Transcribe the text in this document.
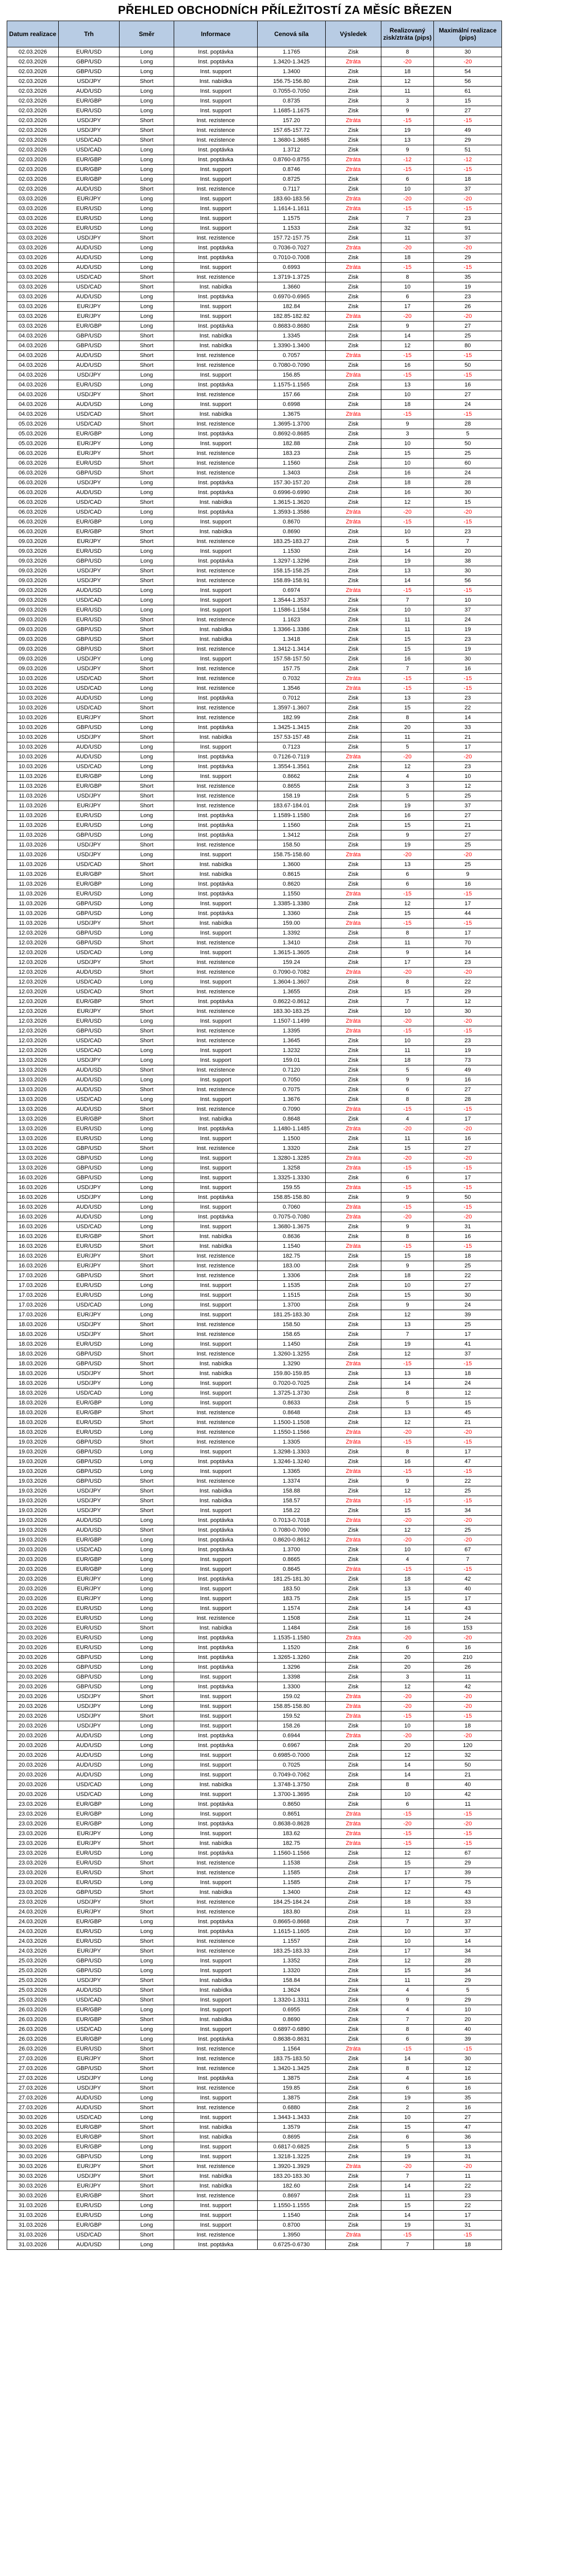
PŘEHLED OBCHODNÍCH PŘÍLEŽITOSTÍ ZA MĚSÍC BŘEZEN
Datum realizace	Trh	Směr	Informace	Cenová síla	Výsledek	Realizovaný zisk/ztráta (pips)	Maximální realizace (pips)
02.03.2026	EUR/USD	Long	Inst. poptávka	1.1765	Zisk	8	30
02.03.2026	GBP/USD	Long	Inst. poptávka	1.3420-1.3425	Ztráta	-20	-20
02.03.2026	GBP/USD	Long	Inst. support	1.3400	Zisk	18	54
02.03.2026	USD/JPY	Short	Inst. nabídka	156.75-156.80	Zisk	12	56
02.03.2026	AUD/USD	Long	Inst. support	0.7055-0.7050	Zisk	11	61
02.03.2026	EUR/GBP	Long	Inst. support	0.8735	Zisk	3	15
02.03.2026	EUR/USD	Long	Inst. support	1.1685-1.1675	Zisk	9	27
02.03.2026	USD/JPY	Short	Inst. rezistence	157.20	Ztráta	-15	-15
02.03.2026	USD/JPY	Short	Inst. rezistence	157.65-157.72	Zisk	19	49
02.03.2026	USD/CAD	Short	Inst. rezistence	1.3680-1.3685	Zisk	13	29
02.03.2026	USD/CAD	Long	Inst. poptávka	1.3712	Zisk	9	51
02.03.2026	EUR/GBP	Long	Inst. poptávka	0.8760-0.8755	Ztráta	-12	-12
02.03.2026	EUR/GBP	Long	Inst. support	0.8746	Ztráta	-15	-15
02.03.2026	EUR/GBP	Long	Inst. support	0.8725	Zisk	6	18
02.03.2026	AUD/USD	Short	Inst. rezistence	0.7117	Zisk	10	37
03.03.2026	EUR/JPY	Long	Inst. support	183.60-183.56	Ztráta	-20	-20
03.03.2026	EUR/USD	Long	Inst. support	1.1614-1.1611	Ztráta	-15	-15
03.03.2026	EUR/USD	Long	Inst. support	1.1575	Zisk	7	23
03.03.2026	EUR/USD	Long	Inst. support	1.1533	Zisk	32	91
03.03.2026	USD/JPY	Short	Inst. rezistence	157.72-157.75	Zisk	11	37
03.03.2026	AUD/USD	Long	Inst. poptávka	0.7036-0.7027	Ztráta	-20	-20
03.03.2026	AUD/USD	Long	Inst. poptávka	0.7010-0.7008	Zisk	18	29
03.03.2026	AUD/USD	Long	Inst. support	0.6993	Ztráta	-15	-15
03.03.2026	USD/CAD	Short	Inst. rezistence	1.3719-1.3725	Zisk	8	35
03.03.2026	USD/CAD	Short	Inst. nabídka	1.3660	Zisk	10	19
03.03.2026	AUD/USD	Long	Inst. poptávka	0.6970-0.6965	Zisk	6	23
03.03.2026	EUR/JPY	Long	Inst. support	182.84	Zisk	17	26
03.03.2026	EUR/JPY	Long	Inst. support	182.85-182.82	Ztráta	-20	-20
03.03.2026	EUR/GBP	Long	Inst. poptávka	0.8683-0.8680	Zisk	9	27
04.03.2026	GBP/USD	Short	Inst. nabídka	1.3345	Zisk	14	25
04.03.2026	GBP/USD	Short	Inst. nabídka	1.3390-1.3400	Zisk	12	80
04.03.2026	AUD/USD	Short	Inst. rezistence	0.7057	Ztráta	-15	-15
04.03.2026	AUD/USD	Short	Inst. rezistence	0.7080-0.7090	Zisk	16	50
04.03.2026	USD/JPY	Long	Inst. support	156.85	Ztráta	-15	-15
04.03.2026	EUR/USD	Long	Inst. poptávka	1.1575-1.1565	Zisk	13	16
04.03.2026	USD/JPY	Short	Inst. rezistence	157.66	Zisk	10	27
04.03.2026	AUD/USD	Long	Inst. support	0.6998	Zisk	18	24
04.03.2026	USD/CAD	Short	Inst. nabídka	1.3675	Ztráta	-15	-15
05.03.2026	USD/CAD	Short	Inst. rezistence	1.3695-1.3700	Zisk	9	28
05.03.2026	EUR/GBP	Long	Inst. poptávka	0.8692-0.8685	Zisk	3	5
05.03.2026	EUR/JPY	Long	Inst. support	182.88	Zisk	10	50
06.03.2026	EUR/JPY	Short	Inst. rezistence	183.23	Zisk	15	25
06.03.2026	EUR/USD	Short	Inst. rezistence	1.1560	Zisk	10	60
06.03.2026	GBP/USD	Short	Inst. rezistence	1.3403	Zisk	16	24
06.03.2026	USD/JPY	Long	Inst. poptávka	157.30-157.20	Zisk	18	28
06.03.2026	AUD/USD	Long	Inst. poptávka	0.6996-0.6990	Zisk	16	30
06.03.2026	USD/CAD	Short	Inst. nabídka	1.3615-1.3620	Zisk	12	15
06.03.2026	USD/CAD	Long	Inst. poptávka	1.3593-1.3586	Ztráta	-20	-20
06.03.2026	EUR/GBP	Long	Inst. support	0.8670	Ztráta	-15	-15
06.03.2026	EUR/GBP	Short	Inst. nabídka	0.8690	Zisk	10	23
09.03.2026	EUR/JPY	Short	Inst. rezistence	183.25-183.27	Zisk	5	7
09.03.2026	EUR/USD	Long	Inst. support	1.1530	Zisk	14	20
09.03.2026	GBP/USD	Long	Inst. poptávka	1.3297-1.3296	Zisk	19	38
09.03.2026	USD/JPY	Short	Inst. rezistence	158.15-158.25	Zisk	13	30
09.03.2026	USD/JPY	Short	Inst. rezistence	158.89-158.91	Zisk	14	56
09.03.2026	AUD/USD	Long	Inst. support	0.6974	Ztráta	-15	-15
09.03.2026	USD/CAD	Long	Inst. support	1.3544-1.3537	Zisk	7	10
09.03.2026	EUR/USD	Long	Inst. support	1.1586-1.1584	Zisk	10	37
09.03.2026	EUR/USD	Short	Inst. rezistence	1.1623	Zisk	11	24
09.03.2026	GBP/USD	Short	Inst. nabídka	1.3366-1.3386	Zisk	11	19
09.03.2026	GBP/USD	Short	Inst. nabídka	1.3418	Zisk	15	23
09.03.2026	GBP/USD	Short	Inst. rezistence	1.3412-1.3414	Zisk	15	19
09.03.2026	USD/JPY	Long	Inst. support	157.58-157.50	Zisk	16	30
09.03.2026	USD/JPY	Short	Inst. rezistence	157.75	Zisk	7	16
10.03.2026	USD/CAD	Short	Inst. rezistence	0.7032	Ztráta	-15	-15
10.03.2026	USD/CAD	Long	Inst. rezistence	1.3546	Ztráta	-15	-15
10.03.2026	AUD/USD	Long	Inst. poptávka	0.7012	Zisk	13	23
10.03.2026	USD/CAD	Short	Inst. rezistence	1.3597-1.3607	Zisk	15	22
10.03.2026	EUR/JPY	Short	Inst. rezistence	182.99	Zisk	8	14
10.03.2026	GBP/USD	Long	Inst. poptávka	1.3425-1.3415	Zisk	20	33
10.03.2026	USD/JPY	Short	Inst. nabídka	157.53-157.48	Zisk	11	21
10.03.2026	AUD/USD	Long	Inst. support	0.7123	Zisk	5	17
10.03.2026	AUD/USD	Long	Inst. poptávka	0.7126-0.7119	Ztráta	-20	-20
10.03.2026	USD/CAD	Long	Inst. poptávka	1.3554-1.3561	Zisk	12	23
11.03.2026	EUR/GBP	Long	Inst. support	0.8662	Zisk	4	10
11.03.2026	EUR/GBP	Short	Inst. rezistence	0.8655	Zisk	3	12
11.03.2026	USD/JPY	Short	Inst. rezistence	158.19	Zisk	5	25
11.03.2026	EUR/JPY	Short	Inst. rezistence	183.67-184.01	Zisk	19	37
11.03.2026	EUR/USD	Long	Inst. poptávka	1.1589-1.1580	Zisk	16	27
11.03.2026	EUR/USD	Long	Inst. poptávka	1.1560	Zisk	15	21
11.03.2026	GBP/USD	Long	Inst. poptávka	1.3412	Zisk	9	27
11.03.2026	USD/JPY	Short	Inst. rezistence	158.50	Zisk	19	25
11.03.2026	USD/JPY	Long	Inst. support	158.75-158.60	Ztráta	-20	-20
11.03.2026	USD/CAD	Short	Inst. nabídka	1.3600	Zisk	13	25
11.03.2026	EUR/GBP	Short	Inst. nabídka	0.8615	Zisk	6	9
11.03.2026	EUR/GBP	Long	Inst. poptávka	0.8620	Zisk	6	16
11.03.2026	EUR/USD	Long	Inst. poptávka	1.1550	Ztráta	-15	-15
11.03.2026	GBP/USD	Long	Inst. support	1.3385-1.3380	Zisk	12	17
11.03.2026	GBP/USD	Long	Inst. poptávka	1.3360	Zisk	15	44
11.03.2026	USD/JPY	Short	Inst. nabídka	159.00	Ztráta	-15	-15
12.03.2026	GBP/USD	Long	Inst. support	1.3392	Zisk	8	17
12.03.2026	GBP/USD	Short	Inst. rezistence	1.3410	Zisk	11	70
12.03.2026	USD/CAD	Long	Inst. support	1.3615-1.3605	Zisk	9	14
12.03.2026	USD/JPY	Short	Inst. rezistence	159.24	Zisk	17	23
12.03.2026	AUD/USD	Short	Inst. rezistence	0.7090-0.7082	Ztráta	-20	-20
12.03.2026	USD/CAD	Long	Inst. support	1.3604-1.3607	Zisk	8	22
12.03.2026	USD/CAD	Short	Inst. rezistence	1.3655	Zisk	15	29
12.03.2026	EUR/GBP	Short	Inst. poptávka	0.8622-0.8612	Zisk	7	12
12.03.2026	EUR/JPY	Short	Inst. rezistence	183.30-183.25	Zisk	10	30
12.03.2026	EUR/USD	Long	Inst. support	1.1507-1.1499	Ztráta	-20	-20
12.03.2026	GBP/USD	Short	Inst. rezistence	1.3395	Ztráta	-15	-15
12.03.2026	USD/CAD	Short	Inst. rezistence	1.3645	Zisk	10	23
12.03.2026	USD/CAD	Long	Inst. support	1.3232	Zisk	11	19
13.03.2026	USD/JPY	Long	Inst. support	159.01	Zisk	18	73
13.03.2026	AUD/USD	Short	Inst. rezistence	0.7120	Zisk	5	49
13.03.2026	AUD/USD	Long	Inst. support	0.7050	Zisk	9	16
13.03.2026	AUD/USD	Short	Inst. rezistence	0.7075	Zisk	6	27
13.03.2026	USD/CAD	Long	Inst. support	1.3676	Zisk	8	28
13.03.2026	AUD/USD	Short	Inst. rezistence	0.7090	Ztráta	-15	-15
13.03.2026	EUR/GBP	Short	Inst. nabídka	0.8648	Zisk	4	17
13.03.2026	EUR/USD	Long	Inst. poptávka	1.1480-1.1485	Ztráta	-20	-20
13.03.2026	EUR/USD	Long	Inst. support	1.1500	Zisk	11	16
13.03.2026	GBP/USD	Short	Inst. rezistence	1.3320	Zisk	15	27
13.03.2026	GBP/USD	Long	Inst. support	1.3280-1.3285	Ztráta	-20	-20
13.03.2026	GBP/USD	Long	Inst. support	1.3258	Ztráta	-15	-15
16.03.2026	GBP/USD	Long	Inst. support	1.3325-1.3330	Zisk	6	17
16.03.2026	USD/JPY	Long	Inst. support	159.55	Ztráta	-15	-15
16.03.2026	USD/JPY	Long	Inst. poptávka	158.85-158.80	Zisk	9	50
16.03.2026	AUD/USD	Long	Inst. support	0.7060	Ztráta	-15	-15
16.03.2026	AUD/USD	Long	Inst. poptávka	0.7075-0.7080	Ztráta	-20	-20
16.03.2026	USD/CAD	Long	Inst. support	1.3680-1.3675	Zisk	9	31
16.03.2026	EUR/GBP	Short	Inst. nabídka	0.8636	Zisk	8	16
16.03.2026	EUR/USD	Short	Inst. nabídka	1.1540	Ztráta	-15	-15
16.03.2026	EUR/JPY	Short	Inst. rezistence	182.75	Zisk	15	18
16.03.2026	EUR/JPY	Short	Inst. rezistence	183.00	Zisk	9	25
17.03.2026	GBP/USD	Short	Inst. rezistence	1.3306	Zisk	18	22
17.03.2026	EUR/USD	Long	Inst. support	1.1535	Zisk	10	27
17.03.2026	EUR/USD	Long	Inst. support	1.1515	Zisk	15	30
17.03.2026	USD/CAD	Long	Inst. support	1.3700	Zisk	9	24
17.03.2026	EUR/JPY	Long	Inst. support	181.25-183.30	Zisk	12	39
18.03.2026	USD/JPY	Short	Inst. rezistence	158.50	Zisk	13	25
18.03.2026	USD/JPY	Short	Inst. rezistence	158.65	Zisk	7	17
18.03.2026	EUR/USD	Long	Inst. support	1.1450	Zisk	19	41
18.03.2026	GBP/USD	Short	Inst. rezistence	1.3260-1.3255	Zisk	12	37
18.03.2026	GBP/USD	Short	Inst. nabídka	1.3290	Ztráta	-15	-15
18.03.2026	USD/JPY	Short	Inst. nabídka	159.80-159.85	Zisk	13	18
18.03.2026	USD/JPY	Long	Inst. support	0.7020-0.7025	Zisk	14	24
18.03.2026	USD/CAD	Long	Inst. support	1.3725-1.3730	Zisk	8	12
18.03.2026	EUR/GBP	Long	Inst. support	0.8633	Zisk	5	15
18.03.2026	EUR/GBP	Short	Inst. rezistence	0.8648	Zisk	13	45
18.03.2026	EUR/USD	Short	Inst. rezistence	1.1500-1.1508	Zisk	12	21
18.03.2026	EUR/USD	Long	Inst. rezistence	1.1550-1.1566	Ztráta	-20	-20
19.03.2026	GBP/USD	Short	Inst. rezistence	1.3305	Ztráta	-15	-15
19.03.2026	GBP/USD	Long	Inst. support	1.3298-1.3303	Zisk	8	17
19.03.2026	GBP/USD	Long	Inst. poptávka	1.3246-1.3240	Zisk	16	47
19.03.2026	GBP/USD	Long	Inst. support	1.3365	Ztráta	-15	-15
19.03.2026	GBP/USD	Short	Inst. rezistence	1.3374	Zisk	9	22
19.03.2026	USD/JPY	Short	Inst. nabídka	158.88	Zisk	12	25
19.03.2026	USD/JPY	Short	Inst. nabídka	158.57	Ztráta	-15	-15
19.03.2026	USD/JPY	Short	Inst. support	158.22	Zisk	15	34
19.03.2026	AUD/USD	Long	Inst. poptávka	0.7013-0.7018	Ztráta	-20	-20
19.03.2026	AUD/USD	Short	Inst. poptávka	0.7080-0.7090	Zisk	12	25
19.03.2026	EUR/GBP	Long	Inst. poptávka	0.8620-0.8612	Ztráta	-20	-20
20.03.2026	USD/CAD	Long	Inst. poptávka	1.3700	Zisk	10	67
20.03.2026	EUR/GBP	Long	Inst. support	0.8665	Zisk	4	7
20.03.2026	EUR/GBP	Long	Inst. support	0.8645	Ztráta	-15	-15
20.03.2026	EUR/JPY	Long	Inst. poptávka	181.25-181.30	Zisk	18	42
20.03.2026	EUR/JPY	Long	Inst. support	183.50	Zisk	13	40
20.03.2026	EUR/JPY	Long	Inst. support	183.75	Zisk	15	17
20.03.2026	EUR/USD	Long	Inst. support	1.1574	Zisk	14	43
20.03.2026	EUR/USD	Long	Inst. rezistence	1.1508	Zisk	11	24
20.03.2026	EUR/USD	Short	Inst. nabídka	1.1484	Zisk	16	153
20.03.2026	EUR/USD	Long	Inst. poptávka	1.1535-1.1580	Ztráta	-20	-20
20.03.2026	EUR/USD	Long	Inst. poptávka	1.1520	Zisk	6	16
20.03.2026	GBP/USD	Long	Inst. poptávka	1.3265-1.3260	Zisk	20	210
20.03.2026	GBP/USD	Long	Inst. poptávka	1.3296	Zisk	20	26
20.03.2026	GBP/USD	Long	Inst. support	1.3398	Zisk	3	11
20.03.2026	GBP/USD	Long	Inst. poptávka	1.3300	Zisk	12	42
20.03.2026	USD/JPY	Short	Inst. support	159.02	Ztráta	-20	-20
20.03.2026	USD/JPY	Long	Inst. support	158.85-158.80	Ztráta	-20	-20
20.03.2026	USD/JPY	Short	Inst. support	159.52	Ztráta	-15	-15
20.03.2026	USD/JPY	Long	Inst. support	158.26	Zisk	10	18
20.03.2026	AUD/USD	Long	Inst. poptávka	0.6944	Ztráta	-20	-20
20.03.2026	AUD/USD	Long	Inst. poptávka	0.6967	Zisk	20	120
20.03.2026	AUD/USD	Long	Inst. support	0.6985-0.7000	Zisk	12	32
20.03.2026	AUD/USD	Long	Inst. support	0.7025	Zisk	14	50
20.03.2026	AUD/USD	Long	Inst. support	0.7049-0.7062	Zisk	14	21
20.03.2026	USD/CAD	Long	Inst. nabídka	1.3748-1.3750	Zisk	8	40
20.03.2026	USD/CAD	Long	Inst. support	1.3700-1.3695	Zisk	10	42
23.03.2026	EUR/GBP	Long	Inst. poptávka	0.8650	Zisk	6	11
23.03.2026	EUR/GBP	Long	Inst. support	0.8651	Ztráta	-15	-15
23.03.2026	EUR/GBP	Long	Inst. poptávka	0.8638-0.8628	Ztráta	-20	-20
23.03.2026	EUR/JPY	Long	Inst. support	183.62	Ztráta	-15	-15
23.03.2026	EUR/JPY	Short	Inst. nabídka	182.75	Ztráta	-15	-15
23.03.2026	EUR/USD	Long	Inst. poptávka	1.1560-1.1566	Zisk	12	67
23.03.2026	EUR/USD	Short	Inst. rezistence	1.1538	Zisk	15	29
23.03.2026	EUR/USD	Short	Inst. rezistence	1.1585	Zisk	17	39
23.03.2026	EUR/USD	Long	Inst. support	1.1585	Zisk	17	75
23.03.2026	GBP/USD	Short	Inst. nabídka	1.3400	Zisk	12	43
23.03.2026	USD/JPY	Short	Inst. rezistence	184.25-184.24	Zisk	18	33
24.03.2026	EUR/JPY	Short	Inst. rezistence	183.80	Zisk	11	23
24.03.2026	EUR/GBP	Long	Inst. poptávka	0.8665-0.8668	Zisk	7	37
24.03.2026	EUR/USD	Long	Inst. poptávka	1.1615-1.1605	Zisk	10	37
24.03.2026	EUR/USD	Short	Inst. rezistence	1.1557	Zisk	10	14
24.03.2026	EUR/JPY	Short	Inst. rezistence	183.25-183.33	Zisk	17	34
25.03.2026	GBP/USD	Long	Inst. support	1.3352	Zisk	12	28
25.03.2026	GBP/USD	Long	Inst. support	1.3320	Zisk	15	34
25.03.2026	USD/JPY	Short	Inst. nabídka	158.84	Zisk	11	29
25.03.2026	AUD/USD	Short	Inst. nabídka	1.3624	Zisk	4	5
25.03.2026	USD/CAD	Short	Inst. support	1.3320-1.3311	Zisk	9	29
26.03.2026	EUR/GBP	Long	Inst. support	0.6955	Zisk	4	10
26.03.2026	EUR/GBP	Short	Inst. nabídka	0.8690	Zisk	7	20
26.03.2026	USD/CAD	Long	Inst. support	0.6897-0.6890	Zisk	8	40
26.03.2026	EUR/GBP	Long	Inst. poptávka	0.8638-0.8631	Zisk	6	39
26.03.2026	EUR/USD	Short	Inst. rezistence	1.1564	Ztráta	-15	-15
27.03.2026	EUR/JPY	Short	Inst. rezistence	183.75-183.50	Zisk	14	30
27.03.2026	GBP/USD	Short	Inst. rezistence	1.3420-1.3425	Zisk	8	12
27.03.2026	USD/JPY	Long	Inst. poptávka	1.3875	Zisk	4	16
27.03.2026	USD/JPY	Short	Inst. rezistence	159.85	Zisk	6	16
27.03.2026	AUD/USD	Long	Inst. support	1.3875	Zisk	19	35
27.03.2026	AUD/USD	Short	Inst. rezistence	0.6880	Zisk	2	16
30.03.2026	USD/CAD	Long	Inst. support	1.3443-1.3433	Zisk	10	27
30.03.2026	EUR/GBP	Short	Inst. nabídka	1.3579	Zisk	15	47
30.03.2026	EUR/GBP	Short	Inst. nabídka	0.8695	Zisk	6	36
30.03.2026	EUR/GBP	Long	Inst. support	0.6817-0.6825	Zisk	5	13
30.03.2026	GBP/USD	Long	Inst. support	1.3218-1.3225	Zisk	19	31
30.03.2026	EUR/JPY	Short	Inst. rezistence	1.3920-1.3929	Ztráta	-20	-20
30.03.2026	USD/JPY	Short	Inst. nabídka	183.20-183.30	Zisk	7	11
30.03.2026	EUR/JPY	Short	Inst. nabídka	182.60	Zisk	14	22
30.03.2026	EUR/GBP	Short	Inst. rezistence	0.8697	Zisk	11	23
31.03.2026	EUR/USD	Long	Inst. support	1.1550-1.1555	Zisk	15	22
31.03.2026	EUR/USD	Long	Inst. support	1.1540	Zisk	14	17
31.03.2026	EUR/GBP	Long	Inst. support	0.8700	Zisk	19	31
31.03.2026	USD/CAD	Short	Inst. rezistence	1.3950	Ztráta	-15	-15
31.03.2026	AUD/USD	Long	Inst. poptávka	0.6725-0.6730	Zisk	7	18
